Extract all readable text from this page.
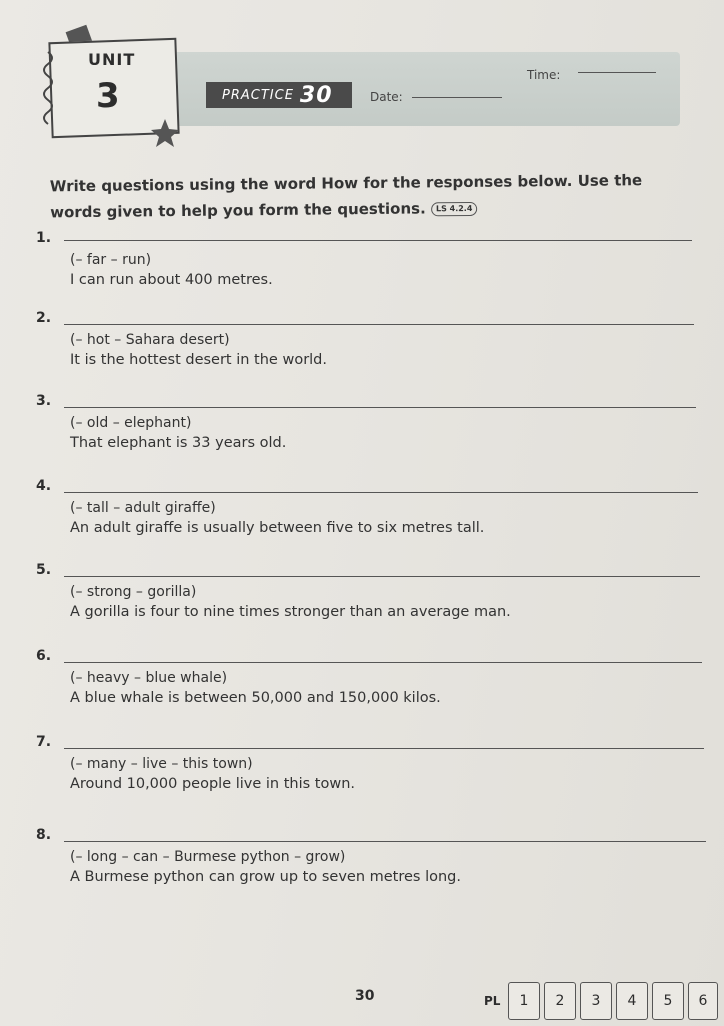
UNIT
3	PRACTICE 30	Date:
Time:
Write questions using the word How for the responses below. Use the words given to help you form the questions. LS 4.2.4
1.
(– far – run)
I can run about 400 metres.
2.
(– hot – Sahara desert)
It is the hottest desert in the world.
3.
(– old – elephant)
That elephant is 33 years old.
4.
(– tall – adult giraffe)
An adult giraffe is usually between five to six metres tall.
5.
(– strong – gorilla)
A gorilla is four to nine times stronger than an average man.
6.
(– heavy – blue whale)
A blue whale is between 50,000 and 150,000 kilos.
7.
(– many – live – this town)
Around 10,000 people live in this town.
8.
(– long – can – Burmese python – grow)
A Burmese python can grow up to seven metres long.
30	PL	1	2	3	4	5	6
